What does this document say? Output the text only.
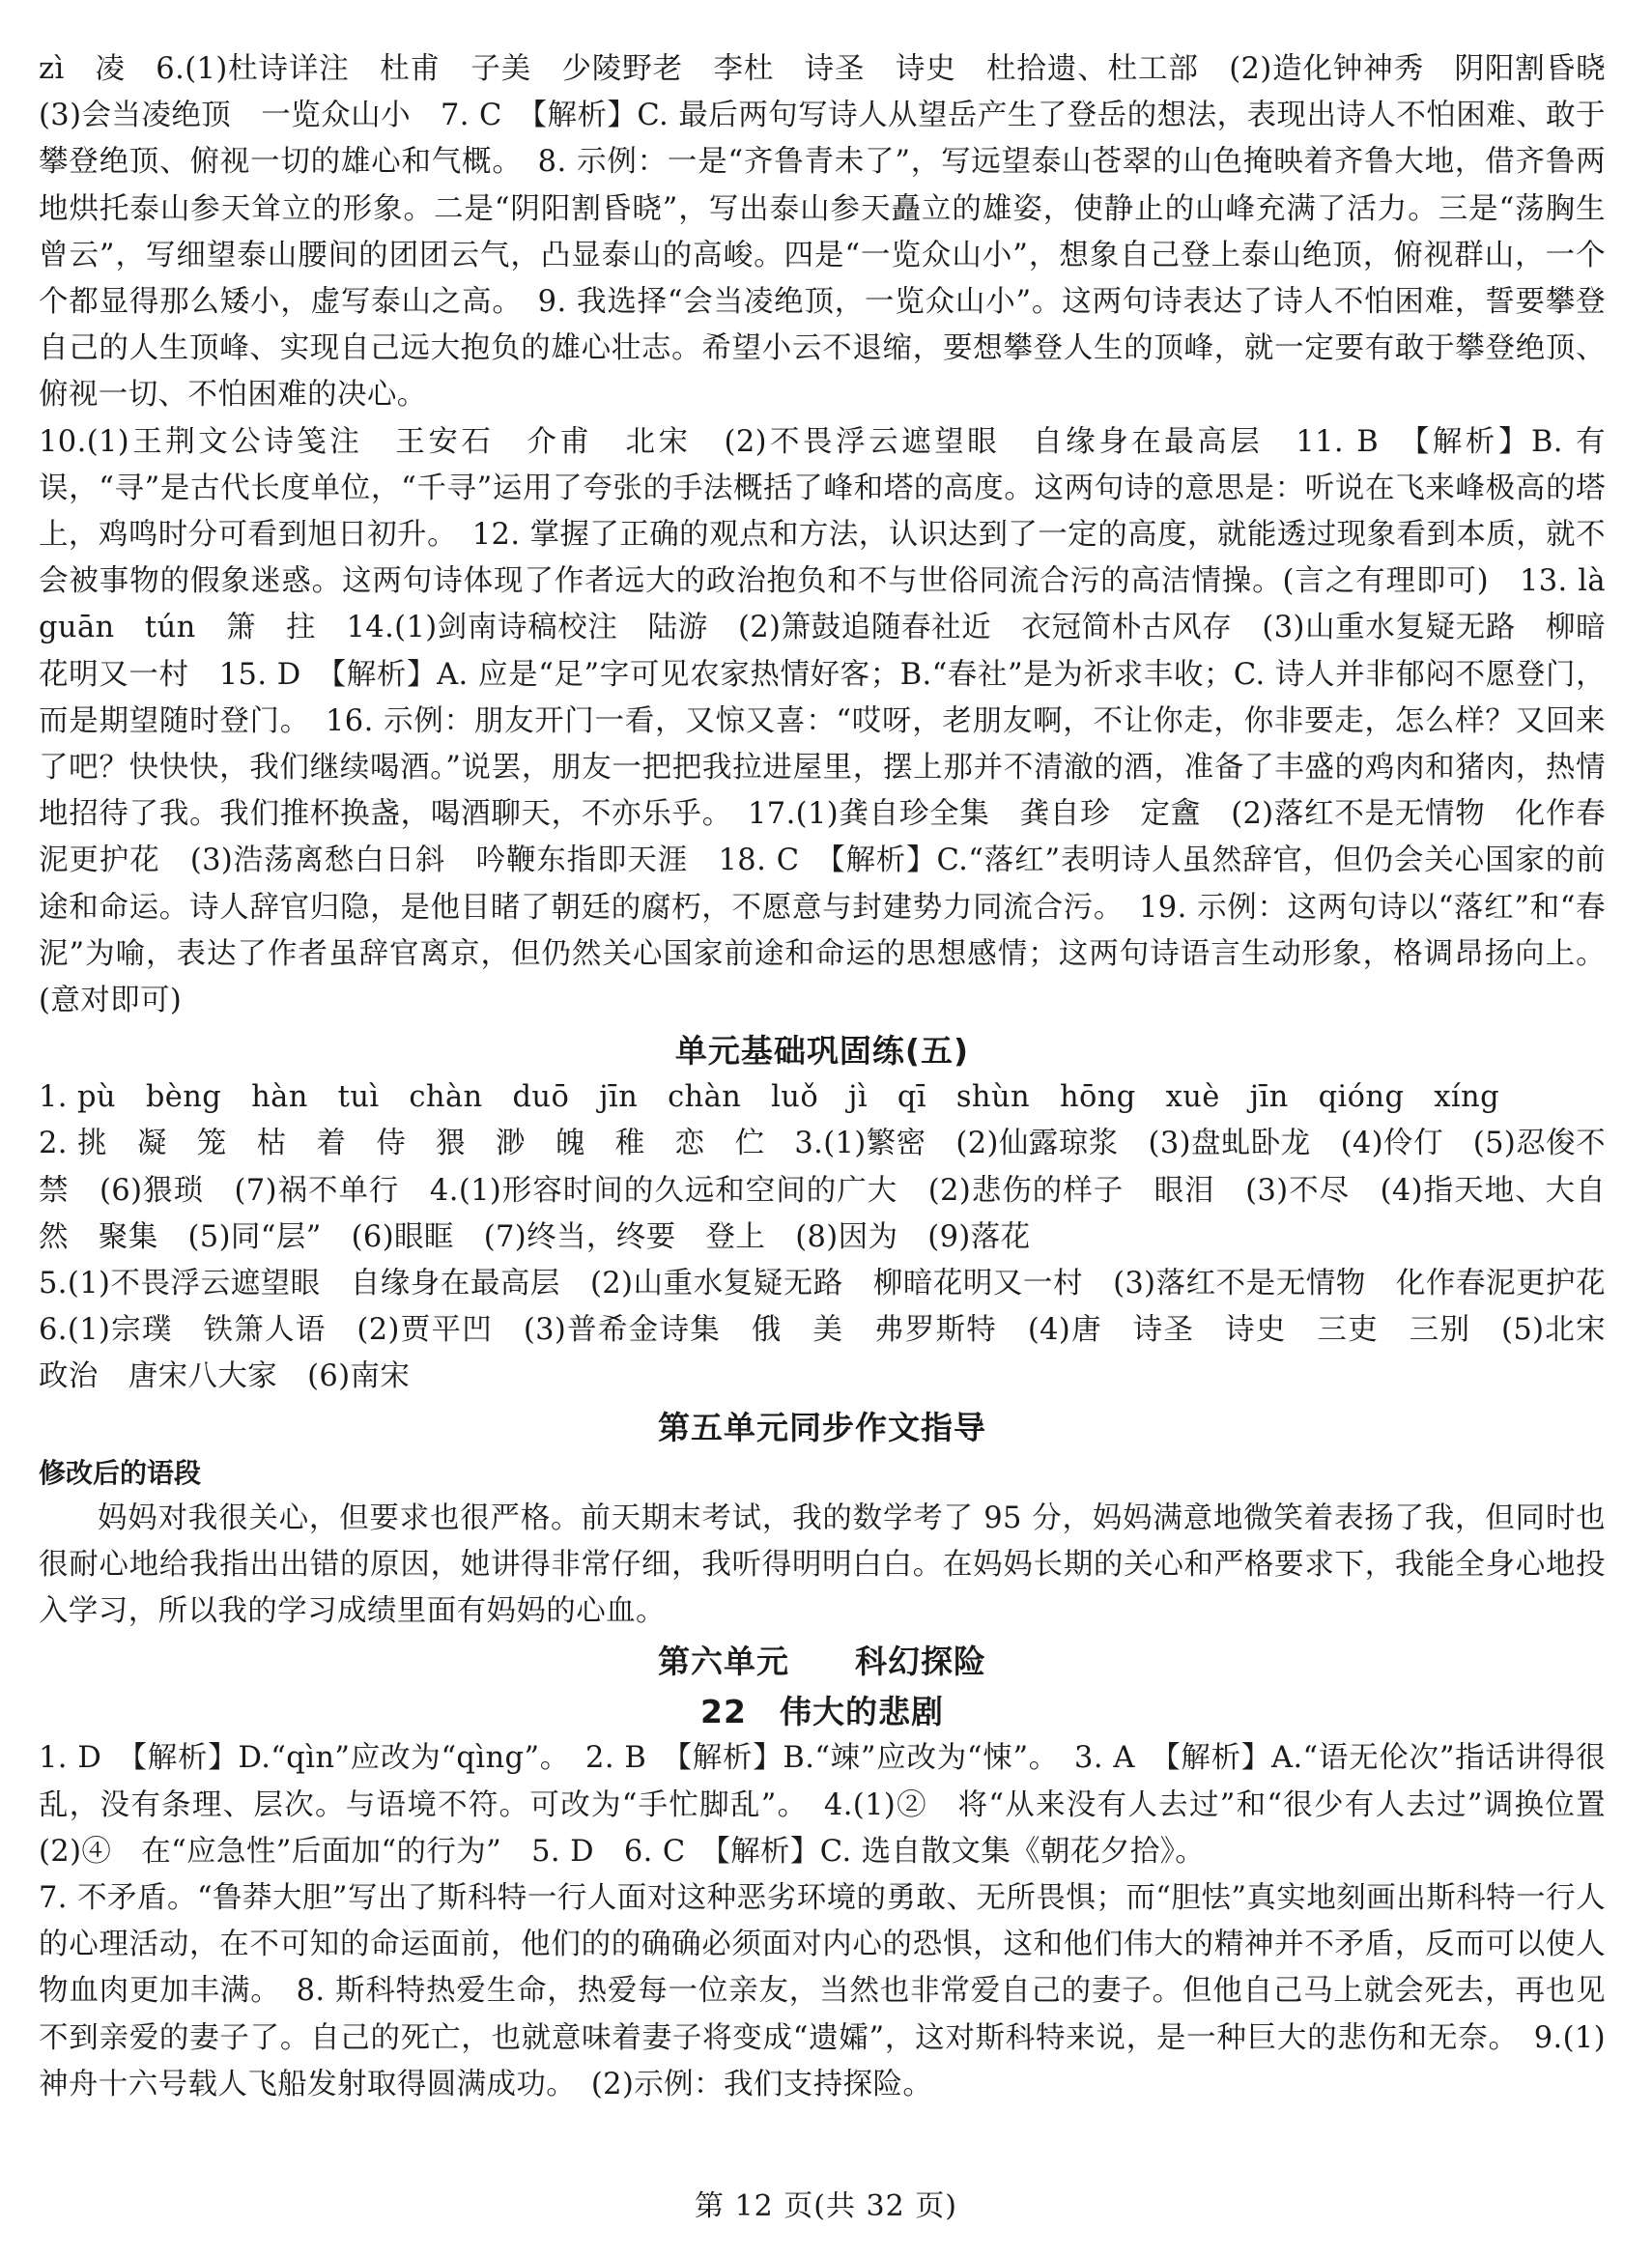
zì　凌　6.(1)杜诗详注　杜甫　子美　少陵野老　李杜　诗圣　诗史　杜拾遗、杜工部　(2)造化钟神秀　阴阳割昏晓　(3)会当凌绝顶　一览众山小　7. C　【解析】C. 最后两句写诗人从望岳产生了登岳的想法，表现出诗人不怕困难、敢于攀登绝顶、俯视一切的雄心和气概。　8. 示例：一是“齐鲁青未了”，写远望泰山苍翠的山色掩映着齐鲁大地，借齐鲁两地烘托泰山参天耸立的形象。二是“阴阳割昏晓”，写出泰山参天矗立的雄姿，使静止的山峰充满了活力。三是“荡胸生曾云”，写细望泰山腰间的团团云气，凸显泰山的高峻。四是“一览众山小”，想象自己登上泰山绝顶，俯视群山，一个个都显得那么矮小，虚写泰山之高。　9. 我选择“会当凌绝顶，一览众山小”。这两句诗表达了诗人不怕困难，誓要攀登自己的人生顶峰、实现自己远大抱负的雄心壮志。希望小云不退缩，要想攀登人生的顶峰，就一定要有敢于攀登绝顶、俯视一切、不怕困难的决心。

10.(1)王荆文公诗笺注　王安石　介甫　北宋　(2)不畏浮云遮望眼　自缘身在最高层　11. B　【解析】B. 有误，“寻”是古代长度单位，“千寻”运用了夸张的手法概括了峰和塔的高度。这两句诗的意思是：听说在飞来峰极高的塔上，鸡鸣时分可看到旭日初升。　12. 掌握了正确的观点和方法，认识达到了一定的高度，就能透过现象看到本质，就不会被事物的假象迷惑。这两句诗体现了作者远大的政治抱负和不与世俗同流合污的高洁情操。(言之有理即可)　13. là　guān　tún　箫　拄　14.(1)剑南诗稿校注　陆游　(2)箫鼓追随春社近　衣冠简朴古风存　(3)山重水复疑无路　柳暗花明又一村　15. D　【解析】A. 应是“足”字可见农家热情好客；B.“春社”是为祈求丰收；C. 诗人并非郁闷不愿登门，而是期望随时登门。　16. 示例：朋友开门一看，又惊又喜：“哎呀，老朋友啊，不让你走，你非要走，怎么样？又回来了吧？快快快，我们继续喝酒。”说罢，朋友一把把我拉进屋里，摆上那并不清澈的酒，准备了丰盛的鸡肉和猪肉，热情地招待了我。我们推杯换盏，喝酒聊天，不亦乐乎。　17.(1)龚自珍全集　龚自珍　定盦　(2)落红不是无情物　化作春泥更护花　(3)浩荡离愁白日斜　吟鞭东指即天涯　18. C　【解析】C.“落红”表明诗人虽然辞官，但仍会关心国家的前途和命运。诗人辞官归隐，是他目睹了朝廷的腐朽，不愿意与封建势力同流合污。　19. 示例：这两句诗以“落红”和“春泥”为喻，表达了作者虽辞官离京，但仍然关心国家前途和命运的思想感情；这两句诗语言生动形象，格调昂扬向上。(意对即可)

单元基础巩固练(五)

1. pù　bèng　hàn　tuì　chàn　duō　jīn　chàn　luǒ　jì　qī　shùn　hōng　xuè　jīn　qióng　xíng

2. 挑　凝　笼　枯　着　侍　猥　渺　魄　稚　恋　伫　3.(1)繁密　(2)仙露琼浆　(3)盘虬卧龙　(4)伶仃　(5)忍俊不禁　(6)猥琐　(7)祸不单行　4.(1)形容时间的久远和空间的广大　(2)悲伤的样子　眼泪　(3)不尽　(4)指天地、大自然　聚集　(5)同“层”　(6)眼眶　(7)终当，终要　登上　(8)因为　(9)落花

5.(1)不畏浮云遮望眼　自缘身在最高层　(2)山重水复疑无路　柳暗花明又一村　(3)落红不是无情物　化作春泥更护花　6.(1)宗璞　铁箫人语　(2)贾平凹　(3)普希金诗集　俄　美　弗罗斯特　(4)唐　诗圣　诗史　三吏　三别　(5)北宋　政治　唐宋八大家　(6)南宋

第五单元同步作文指导
修改后的语段

妈妈对我很关心，但要求也很严格。前天期末考试，我的数学考了 95 分，妈妈满意地微笑着表扬了我，但同时也很耐心地给我指出出错的原因，她讲得非常仔细，我听得明明白白。在妈妈长期的关心和严格要求下，我能全身心地投入学习，所以我的学习成绩里面有妈妈的心血。

第六单元　　科幻探险
22　伟大的悲剧

1. D　【解析】D.“qìn”应改为“qìng”。　2. B　【解析】B.“竦”应改为“悚”。　3. A　【解析】A.“语无伦次”指话讲得很乱，没有条理、层次。与语境不符。可改为“手忙脚乱”。　4.(1)②　将“从来没有人去过”和“很少有人去过”调换位置　(2)④　在“应急性”后面加“的行为”　5. D　6. C　【解析】C. 选自散文集《朝花夕拾》。

7. 不矛盾。“鲁莽大胆”写出了斯科特一行人面对这种恶劣环境的勇敢、无所畏惧；而“胆怯”真实地刻画出斯科特一行人的心理活动，在不可知的命运面前，他们的的确确必须面对内心的恐惧，这和他们伟大的精神并不矛盾，反而可以使人物血肉更加丰满。　8. 斯科特热爱生命，热爱每一位亲友，当然也非常爱自己的妻子。但他自己马上就会死去，再也见不到亲爱的妻子了。自己的死亡，也就意味着妻子将变成“遗孀”，这对斯科特来说，是一种巨大的悲伤和无奈。　9.(1)神舟十六号载人飞船发射取得圆满成功。　(2)示例：我们支持探险。

第 12 页(共 32 页)
